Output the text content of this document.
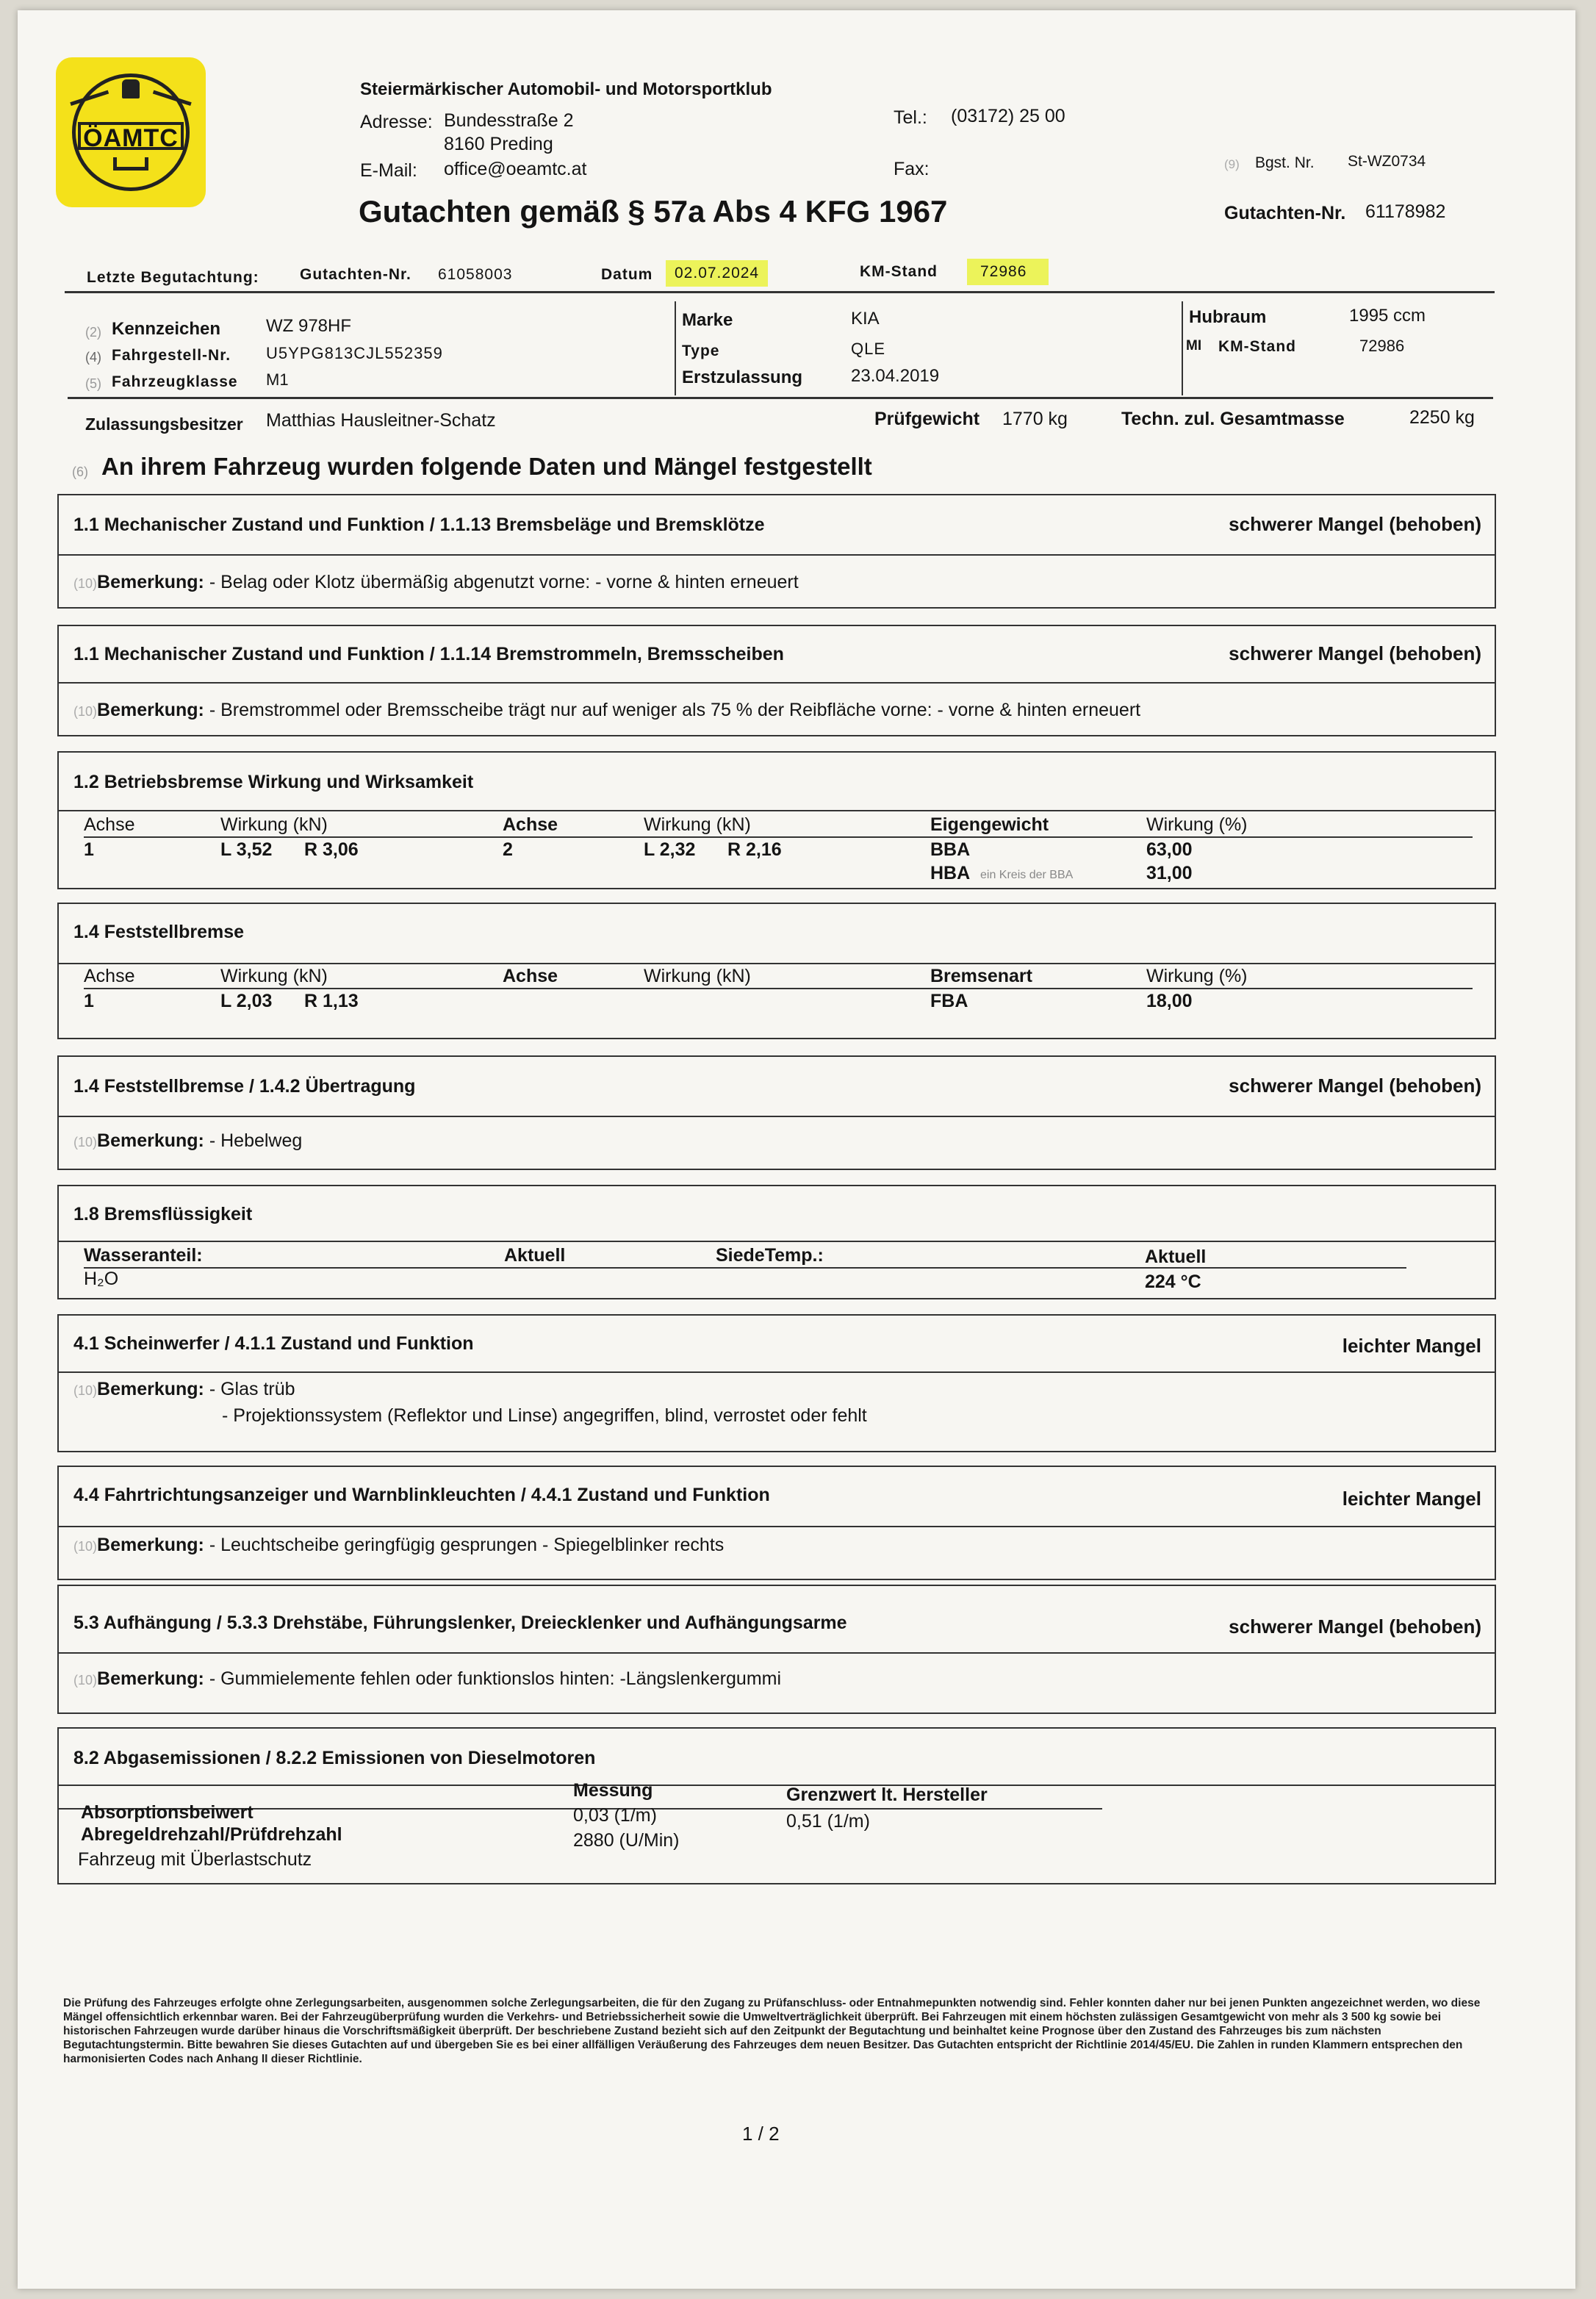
ÖAMTC
Steiermärkischer Automobil- und Motorsportklub
Adresse: Bundesstraße 2
8160 Preding
E-Mail: office@oeamtc.at
Tel.: (03172) 25 00
Fax:	(9) Bgst. Nr. St-WZ0734
Gutachten gemäß § 57a Abs 4 KFG 1967	Gutachten-Nr. 61178982
Letzte Begutachtung:	Gutachten-Nr. 61058003	Datum	02.07.2024	KM-Stand	72986
(2) Kennzeichen	WZ 978HF
(4) Fahrgestell-Nr. U5YPG813CJL552359
(5) Fahrzeugklasse M1
Marke	KIA
Type	QLE
Erstzulassung	23.04.2019
Hubraum	1995 ccm
MI KM-Stand	72986
Zulassungsbesitzer Matthias Hausleitner-Schatz	Prüfgewicht 1770 kg	Techn. zul. Gesamtmasse	2250 kg
(6) An ihrem Fahrzeug wurden folgende Daten und Mängel festgestellt
1.1 Mechanischer Zustand und Funktion / 1.1.13 Bremsbeläge und Bremsklötze	schwerer Mangel (behoben)
(10)Bemerkung: - Belag oder Klotz übermäßig abgenutzt vorne: - vorne & hinten erneuert
1.1 Mechanischer Zustand und Funktion / 1.1.14 Bremstrommeln, Bremsscheiben	schwerer Mangel (behoben)
(10)Bemerkung: - Bremstrommel oder Bremsscheibe trägt nur auf weniger als 75 % der Reibfläche vorne: - vorne & hinten erneuert
1.2 Betriebsbremse Wirkung und Wirksamkeit
Achse	Wirkung (kN)	Achse	Wirkung (kN)	Eigengewicht	Wirkung (%)
1	L 3,52 R 3,06	2	L 2,32 R 2,16	BBA	63,00
HBA ein Kreis der BBA	31,00
1.4 Feststellbremse
Achse	Wirkung (kN)	Achse	Wirkung (kN)	Bremsenart	Wirkung (%)
1	L 2,03 R 1,13	FBA	18,00
1.4 Feststellbremse / 1.4.2 Übertragung	schwerer Mangel (behoben)
(10)Bemerkung: - Hebelweg
1.8 Bremsflüssigkeit
Wasseranteil:	Aktuell	SiedeTemp.:	Aktuell
H₂O	224 °C
4.1 Scheinwerfer / 4.1.1 Zustand und Funktion	leichter Mangel
(10)Bemerkung: - Glas trüb
- Projektionssystem (Reflektor und Linse) angegriffen, blind, verrostet oder fehlt
4.4 Fahrtrichtungsanzeiger und Warnblinkleuchten / 4.4.1 Zustand und Funktion	leichter Mangel
(10)Bemerkung: - Leuchtscheibe geringfügig gesprungen - Spiegelblinker rechts
5.3 Aufhängung / 5.3.3 Drehstäbe, Führungslenker, Dreiecklenker und Aufhängungsarme	schwerer Mangel (behoben)
(10)Bemerkung: - Gummielemente fehlen oder funktionslos hinten: -Längslenkergummi
8.2 Abgasemissionen / 8.2.2 Emissionen von Dieselmotoren
Messung	Grenzwert lt. Hersteller
Absorptionsbeiwert	0,03 (1/m)	0,51 (1/m)
Abregeldrehzahl/Prüfdrehzahl	2880 (U/Min)
Fahrzeug mit Überlastschutz
Die Prüfung des Fahrzeuges erfolgte ohne Zerlegungsarbeiten, ausgenommen solche Zerlegungsarbeiten, die für den Zugang zu Prüfanschluss- oder Entnahmepunkten notwendig sind. Fehler konnten daher nur bei jenen Punkten angezeichnet werden, wo diese Mängel offensichtlich erkennbar waren. Bei der Fahrzeugüberprüfung wurden die Verkehrs- und Betriebssicherheit sowie die Umweltverträglichkeit überprüft. Bei Fahrzeugen mit einem höchsten zulässigen Gesamtgewicht von mehr als 3 500 kg sowie bei historischen Fahrzeugen wurde darüber hinaus die Vorschriftsmäßigkeit überprüft. Der beschriebene Zustand bezieht sich auf den Zeitpunkt der Begutachtung und beinhaltet keine Prognose über den Zustand des Fahrzeuges bis zum nächsten Begutachtungstermin. Bitte bewahren Sie dieses Gutachten auf und übergeben Sie es bei einer allfälligen Veräußerung des Fahrzeuges dem neuen Besitzer. Das Gutachten entspricht der Richtlinie 2014/45/EU. Die Zahlen in runden Klammern entsprechen den harmonisierten Codes nach Anhang II dieser Richtlinie.
1 / 2
